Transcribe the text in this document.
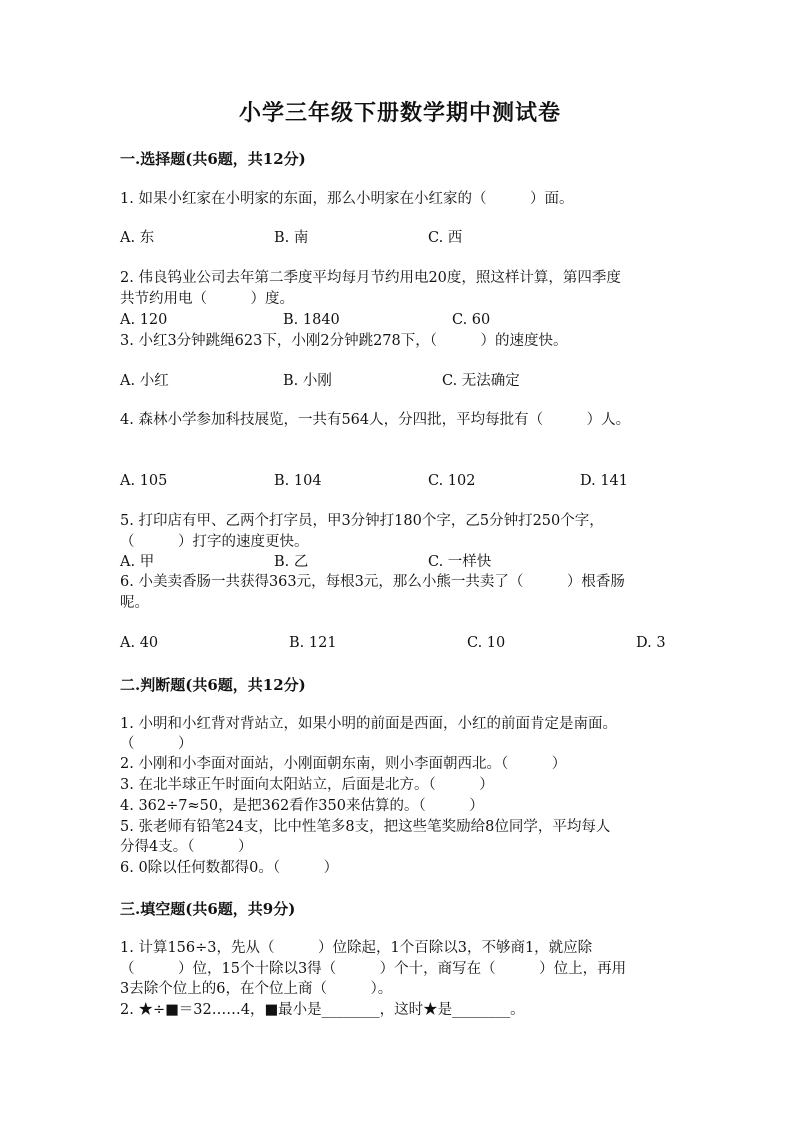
小学三年级下册数学期中测试卷
一.选择题(共6题，共12分)
1. 如果小红家在小明家的东面，那么小明家在小红家的（　　　）面。
A. 东	B. 南	C. 西
2. 伟良钨业公司去年第二季度平均每月节约用电20度，照这样计算，第四季度
共节约用电（　　　）度。
A. 120	B. 1840	C. 60
3. 小红3分钟跳绳623下，小刚2分钟跳278下，（　　　）的速度快。
A. 小红	B. 小刚	C. 无法确定
4. 森林小学参加科技展览，一共有564人，分四批，平均每批有（　　　）人。
A. 105	B. 104	C. 102	D. 141
5. 打印店有甲、乙两个打字员，甲3分钟打180个字，乙5分钟打250个字，
（　　　）打字的速度更快。
A. 甲	B. 乙	C. 一样快
6. 小美卖香肠一共获得363元，每根3元，那么小熊一共卖了（　　　）根香肠
呢。
A. 40	B. 121	C. 10	D. 3
二.判断题(共6题，共12分)
1. 小明和小红背对背站立，如果小明的前面是西面，小红的前面肯定是南面。
（　　　）
2. 小刚和小李面对面站，小刚面朝东南，则小李面朝西北。（　　　）
3. 在北半球正午时面向太阳站立，后面是北方。（　　　）
4. 362÷7≈50，是把362看作350来估算的。（　　　）
5. 张老师有铅笔24支，比中性笔多8支，把这些笔奖励给8位同学，平均每人
分得4支。（　　　）
6. 0除以任何数都得0。（　　　）
三.填空题(共6题，共9分)
1. 计算156÷3，先从（　　　）位除起，1个百除以3，不够商1，就应除
（　　　）位，15个十除以3得（　　　）个十，商写在（　　　）位上，再用
3去除个位上的6，在个位上商（　　　）。
2. ★÷■＝32……4，■最小是________，这时★是________。
